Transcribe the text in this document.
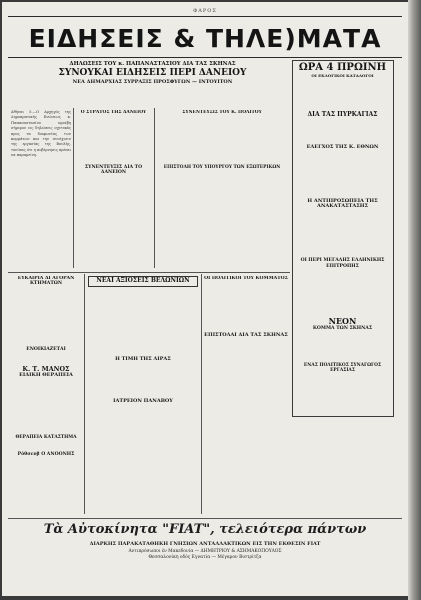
ΦΑΡΟΣ
ΕΙΔΗΣΕΙΣ & ΤΗΛΕ)ΜΑΤΑ
ΔΗΛΩΣΕΙΣ ΤΟΥ κ. ΠΑΠΑΝΑΣΤΑΣΙΟΥ ΔΙΑ ΤΑΣ ΣΚΗΝΑΣ
ΣΥΝΟΥΚΑΙ ΕΙΔΗΣΕΙΣ ΠΕΡΙ ΔΑΝΕΙΟΥ
ΝΕΑ ΔΗΜΑΡΧΙΑΣ ΣΥΡΡΑΞΙΣ ΠΡΟΣΦΥΓΩΝ — ΙΝΤΟΥΙΤΟΝ
ΩΡΑ 4 ΠΡΩΪΝΗ
ΟΙ ΕΚΛΟΓΙΚΟΙ ΚΑΤΑΛΟΓΟΙ
ΔΙΑ ΤΑΣ ΠΥΡΚΑΓΙΑΣ
ΕΛΕΓΧΟΣ ΤΗΣ Κ. ΕΘΝΩΝ
Η ΑΝΤΙΠΡΟΣΩΠΕΙΑ ΤΗΣ ΑΝΑΚΑΤΑΣΤΑΣΗΣ
ΟΙ ΠΕΡΙ ΜΕΓΑΛΗΣ ΕΛΛΗΝΙΚΗΣ ΕΠΙΤΡΟΠΗΣ
NEON
ΚΟΜΜΑ ΤΩΝ ΣΚΗΝΑΣ
ΕΝΑΣ ΠΟΛΙΤΙΚΟΣ ΣΥΝΑΓΩΓΟΣ ΕΡΓΑΣΙΑΣ
Αθήναι 5.—Ο Αρχηγός της Δημοκρατικής Ενώσεως κ. Παπαναστασίου προέβη σήμερον εις δηλώσεις σχετικάς προς τα διαφωνίας των κομμάτων και την συνέχισιν της εργασίας της Βουλής, τονίσας ότι η κυβέρνησις πρέπει να παραμείνη.
Ο ΣΤΡΑΤΟΣ ΤΗΣ ΔΑΝΕΙΟΥ
ΣΥΝΕΝΤΕΥΞΙΣ ΔΙΑ ΤΟ ΔΑΝΕΙΟΝ
ΣΥΝΕΝΤΕΥΞΙΣ ΤΟΥ Κ. ΠΟΛΙΤΟΥ
ΕΠΙΣΤΟΛΗ ΤΟΥ ΥΠΟΥΡΓΟΥ ΤΩΝ ΕΞΩΤΕΡΙΚΩΝ
ΕΥΚΑΙΡΙΑ ΔΙ ΑΓΟΡΑΝ ΚΤΗΜΑΤΩΝ
ΕΝΟΙΚΙΑΖΕΤΑΙ
Κ. Τ. ΜΑΝΟΣ
ΕΙΔΙΚΗ ΘΕΡΑΠΕΙΑ
ΘΕΡΑΠΕΙΑ ΚΑΤΑΣΤΗΜΑ
Ρόθσενβ Ο ΑΝΟΟΝΗΣ
ΝΕΑΙ ΑΞΙΟΣΕΙΣ ΒΕΛΩΝΙΩΝ
Η ΤΙΜΗ ΤΗΣ ΛΙΡΑΣ
ΙΑΤΡΕΙΟΝ ΠΑΝΑΒΟΥ
ΟΙ ΠΟΛΙΤΙΚΟΙ ΤΟΥ ΚΟΜΜΑΤΟΣ
ΕΠΙΣΤΟΛΑΙ ΔΙΑ ΤΑΣ ΣΚΗΝΑΣ
Τὰ Αὐτοκίνητα "FIAT", τελειότερα πάντων
ΔΙΑΡΚΗΣ ΠΑΡΑΚΑΤΑΘΗΚΗ ΓΝΗΣΙΩΝ ΑΝΤΑΛΛΑΚΤΙΚΩΝ ΕΙΣ ΤΗΝ ΕΚΘΕΣΙΝ FIAT
Αντιπρόσωποι έν Μακεδονία — ΔΗΜΗΤΡΙΟΥ & ΑΣΗΜΑΚΟΠΟΥΛΟΣ
Θεσσαλονίκη οδός Εγνατία — Μέγαρον Βιστρίτζα
